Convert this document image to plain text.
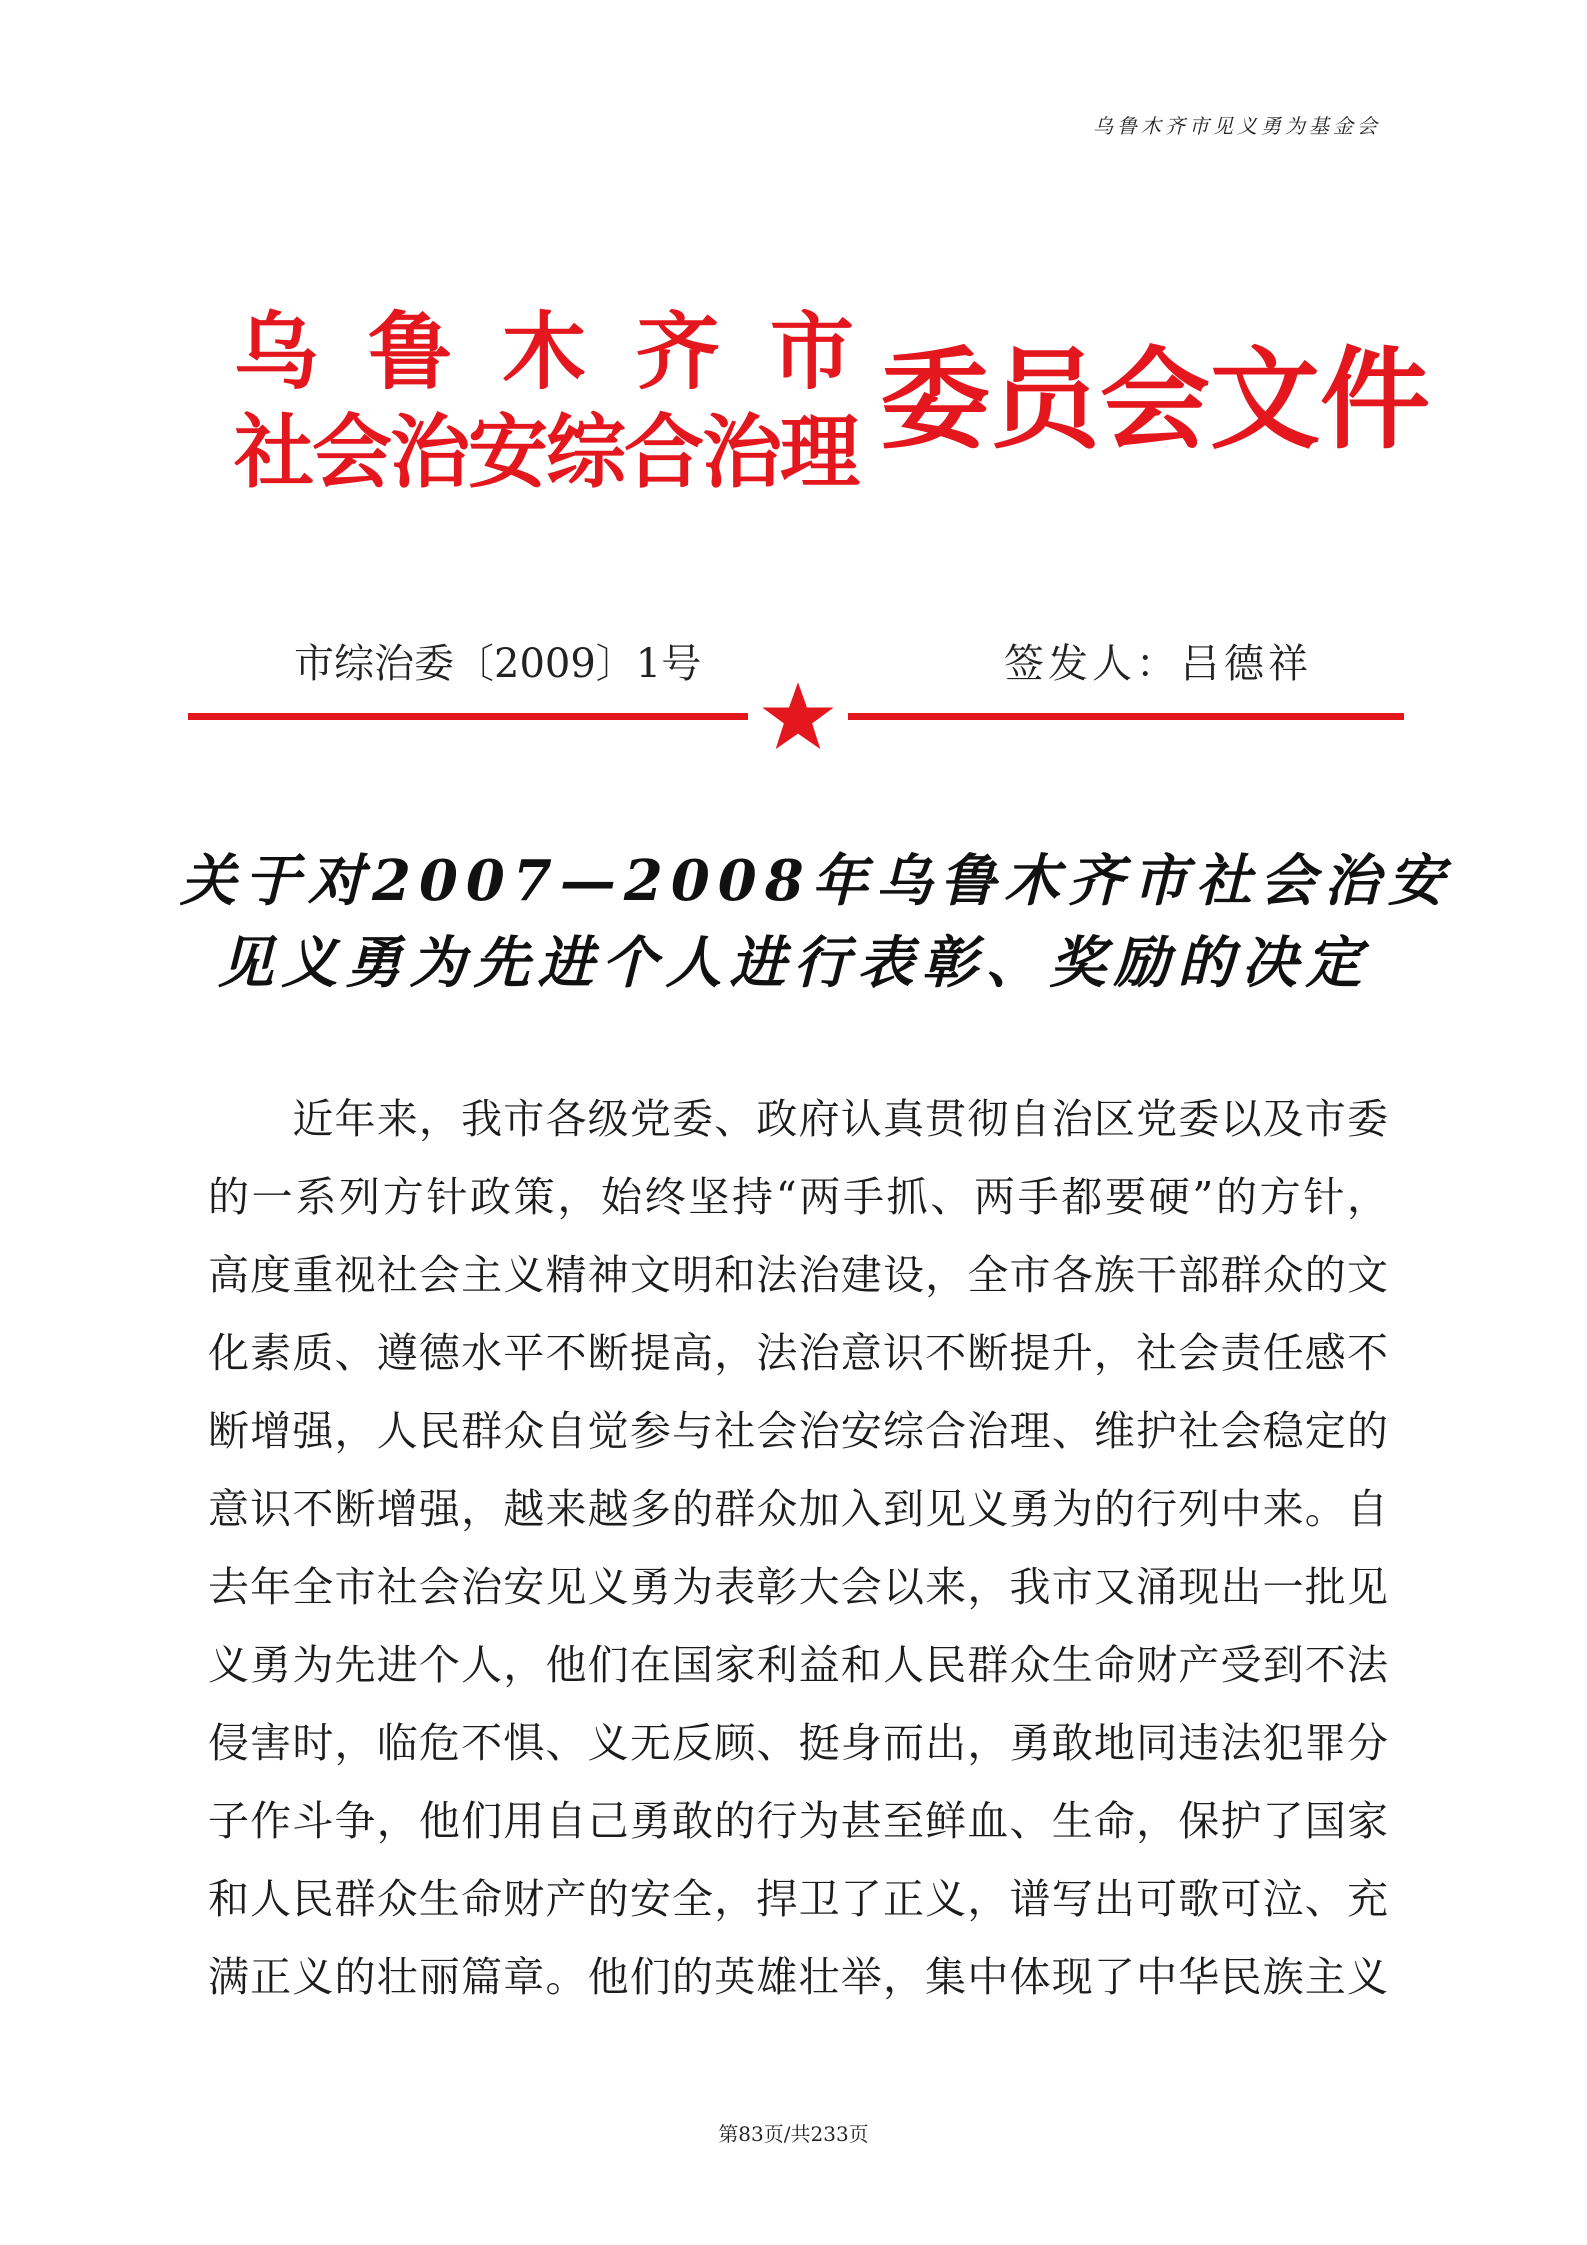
乌鲁木齐市见义勇为基金会
乌 鲁 木 齐 市
社会治安综合治理 委员会文件
市综治委〔2009〕1号	签发人：吕德祥
关于对2007—2008年乌鲁木齐市社会治安
见义勇为先进个人进行表彰、奖励的决定
　　近年来，我市各级党委、政府认真贯彻自治区党委以及市委
的一系列方针政策，始终坚持“两手抓、两手都要硬”的方针，
高度重视社会主义精神文明和法治建设，全市各族干部群众的文
化素质、遵德水平不断提高，法治意识不断提升，社会责任感不
断增强，人民群众自觉参与社会治安综合治理、维护社会稳定的
意识不断增强，越来越多的群众加入到见义勇为的行列中来。自
去年全市社会治安见义勇为表彰大会以来，我市又涌现出一批见
义勇为先进个人，他们在国家利益和人民群众生命财产受到不法
侵害时，临危不惧、义无反顾、挺身而出，勇敢地同违法犯罪分
子作斗争，他们用自己勇敢的行为甚至鲜血、生命，保护了国家
和人民群众生命财产的安全，捍卫了正义，谱写出可歌可泣、充
满正义的壮丽篇章。他们的英雄壮举，集中体现了中华民族主义
第83页/共233页
